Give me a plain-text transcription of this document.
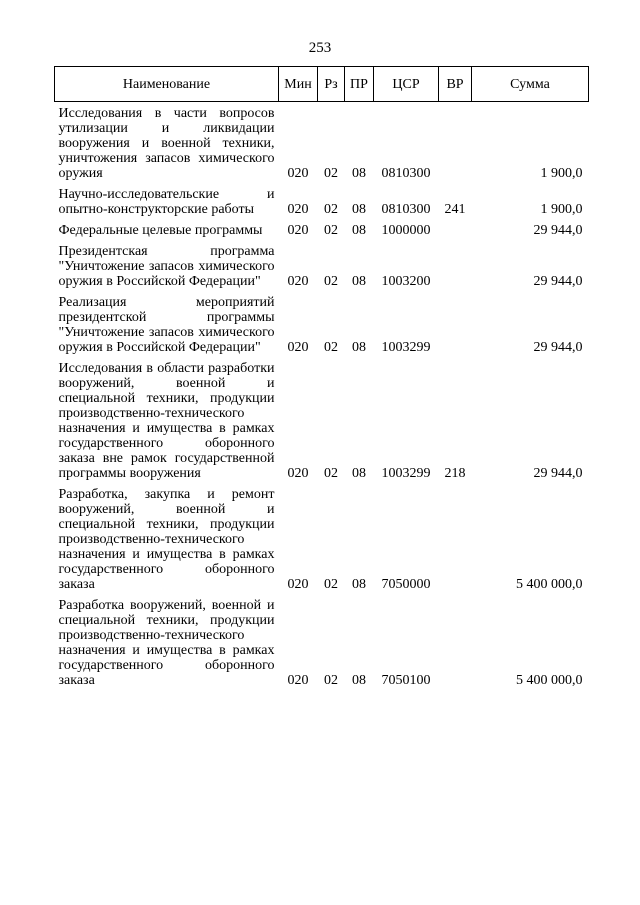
253
Наименование	Мин	Рз	ПР	ЦСР	ВР	Сумма
Исследования в части вопросов утилизации и ликвидации вооружения и военной техники, уничтожения запасов химического оружия	020	02	08	0810300		1 900,0
Научно-исследовательские и опытно-конструкторские работы	020	02	08	0810300	241	1 900,0
Федеральные целевые программы	020	02	08	1000000		29 944,0
Президентская программа "Уничтожение запасов химического оружия в Российской Федерации"	020	02	08	1003200		29 944,0
Реализация мероприятий президентской программы "Уничтожение запасов химического оружия в Российской Федерации"	020	02	08	1003299		29 944,0
Исследования в области разработки вооружений, военной и специальной техники, продукции производственно-технического назначения и имущества в рамках государственного оборонного заказа вне рамок государственной программы вооружения	020	02	08	1003299	218	29 944,0
Разработка, закупка и ремонт вооружений, военной и специальной техники, продукции производственно-технического назначения и имущества в рамках государственного оборонного заказа	020	02	08	7050000		5 400 000,0
Разработка вооружений, военной и специальной техники, продукции производственно-технического назначения и имущества в рамках государственного оборонного заказа	020	02	08	7050100		5 400 000,0
